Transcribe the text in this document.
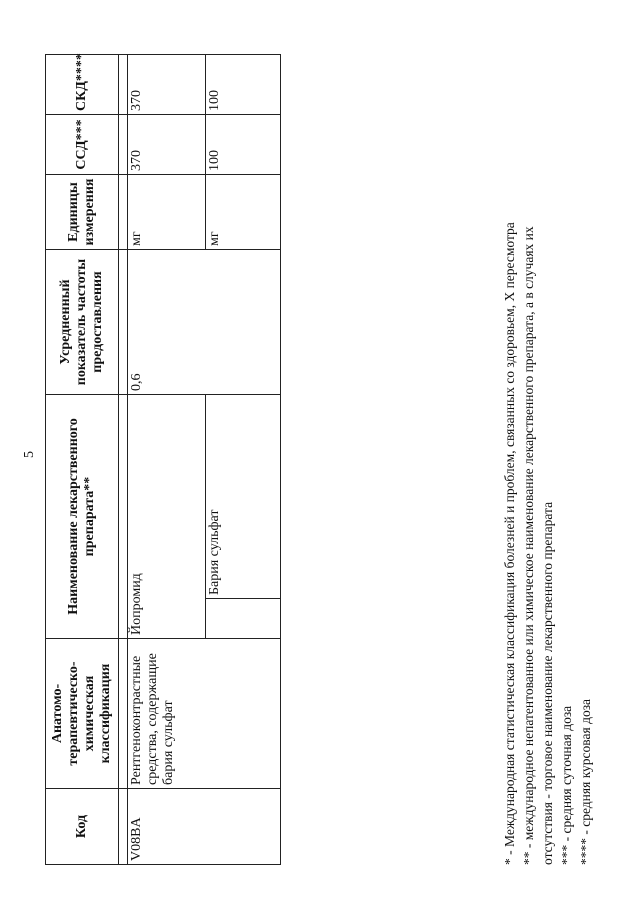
5
Код	Анатомо-терапевтическо-химическая классификация	Наименование лекарственного препарата**		Усредненный показатель частоты предоставления	Единицы измерения	ССД***	СКД****

V08BA	Рентгеноконтрастные средства, содержащие бария сульфат	Йопромид		0,6	мг	370	370
			Бария сульфат		мг	100	100
* - Международная статистическая классификация болезней и проблем, связанных со здоровьем, X пересмотра ** - международное непатентованное или химическое наименование лекарственного препарата, а в случаях их отсутствия - торговое наименование лекарственного препарата *** - средняя суточная доза **** - средняя курсовая доза
